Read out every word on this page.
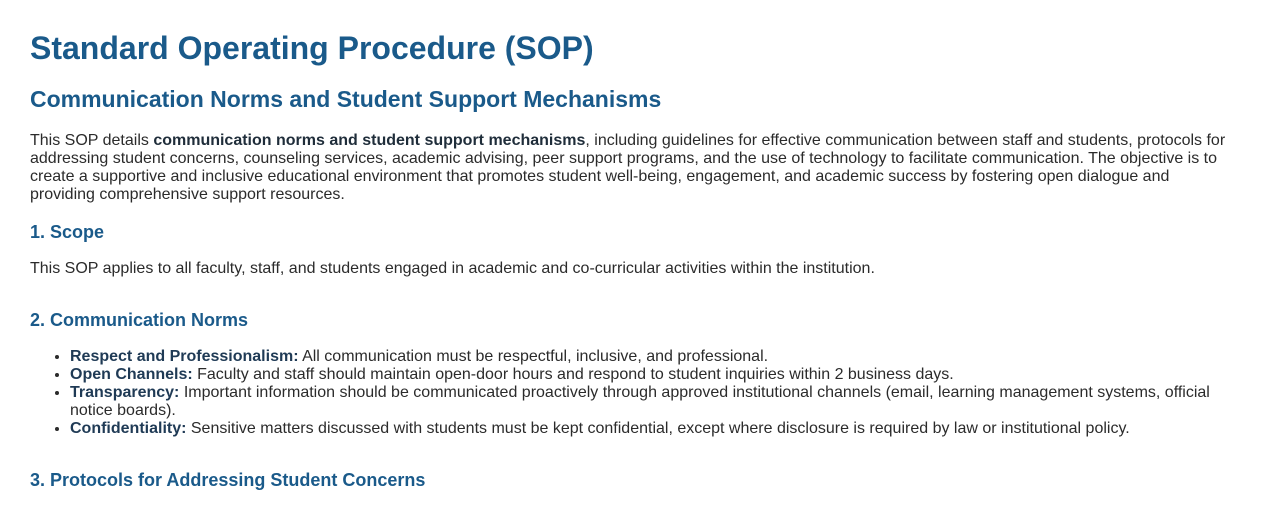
Standard Operating Procedure (SOP)
Communication Norms and Student Support Mechanisms

This SOP details communication norms and student support mechanisms, including guidelines for effective communication between staff and students, protocols for addressing student concerns, counseling services, academic advising, peer support programs, and the use of technology to facilitate communication. The objective is to create a supportive and inclusive educational environment that promotes student well-being, engagement, and academic success by fostering open dialogue and providing comprehensive support resources.

1. Scope

This SOP applies to all faculty, staff, and students engaged in academic and co-curricular activities within the institution.

2. Communication Norms
• Respect and Professionalism: All communication must be respectful, inclusive, and professional.
• Open Channels: Faculty and staff should maintain open-door hours and respond to student inquiries within 2 business days.
• Transparency: Important information should be communicated proactively through approved institutional channels (email, learning management systems, official notice boards).
• Confidentiality: Sensitive matters discussed with students must be kept confidential, except where disclosure is required by law or institutional policy.
3. Protocols for Addressing Student Concerns
